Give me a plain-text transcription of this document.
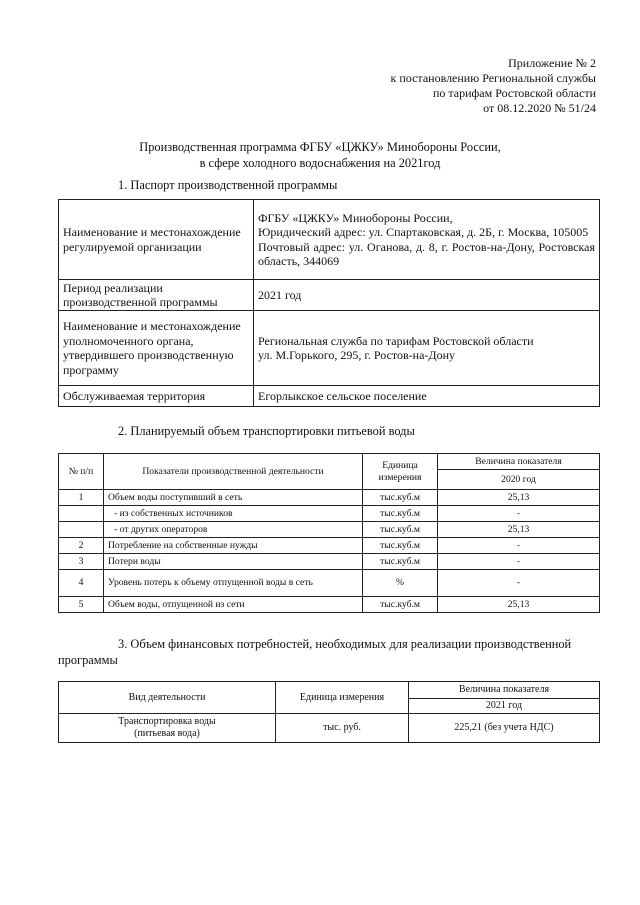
Приложение № 2
к постановлению Региональной службы
по тарифам Ростовской области
от 08.12.2020 № 51/24
Производственная программа ФГБУ «ЦЖКУ» Минобороны России,
в сфере холодного водоснабжения на 2021год
1. Паспорт производственной программы
Наименование и местонахождение регулируемой организации	ФГБУ «ЦЖКУ» Минобороны России,
Юридический адрес: ул. Спартаковская, д. 2Б, г. Москва, 105005
Почтовый адрес: ул. Оганова, д. 8, г. Ростов-на-Дону, Ростовская область, 344069

Период реализации производственной программы	2021 год

Наименование и местонахождение уполномоченного органа, утвердившего производственную программу	Региональная служба по тарифам Ростовской области
ул. М.Горького, 295, г. Ростов-на-Дону

Обслуживаемая территория	Егорлыкское сельское поселение
2. Планируемый объем транспортировки питьевой воды
№ п/п	Показатели производственной деятельности	Единица измерения	Величина показателя
			2020 год
1	Объем воды поступивший в сеть	тыс.куб.м	25,13
	- из собственных источников	тыс.куб.м	-
	- от других операторов	тыс.куб.м	25,13
2	Потребление на собственные нужды	тыс.куб.м	-
3	Потери воды	тыс.куб.м	-
4	Уровень потерь к объему отпущенной воды в сеть	%	-
5	Объем воды, отпущенной из сети	тыс.куб.м	25,13
3. Объем финансовых потребностей, необходимых для реализации производственной
программы
Вид деятельности	Единица измерения	Величина показателя
		2021 год

Транспортировка воды
(питьевая вода)	тыс. руб.	225,21 (без учета НДС)
